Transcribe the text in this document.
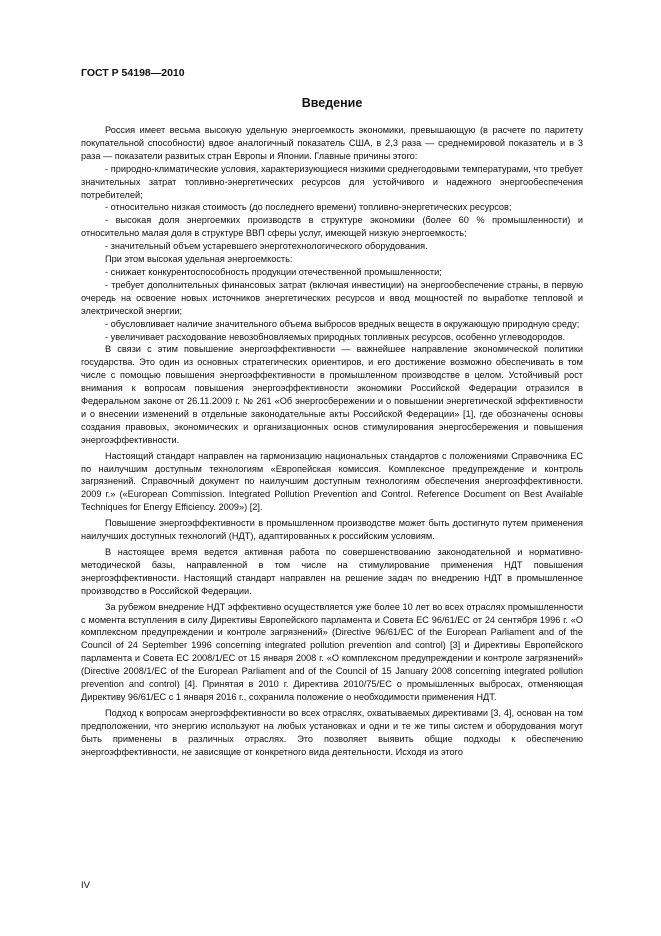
ГОСТ Р 54198—2010
Введение

Россия имеет весьма высокую удельную энергоемкость экономики, превышающую (в расчете по паритету покупательной способности) вдвое аналогичный показатель США, в 2,3 раза — среднемировой показатель и в 3 раза — показатели развитых стран Европы и Японии. Главные причины этого:

- природно-климатические условия, характеризующиеся низкими среднегодовыми температурами, что требует значительных затрат топливно-энергетических ресурсов для устойчивого и надежного энергообеспечения потребителей;

- относительно низкая стоимость (до последнего времени) топливно-энергетических ресурсов;

- высокая доля энергоемких производств в структуре экономики (более 60 % промышленности) и относительно малая доля в структуре ВВП сферы услуг, имеющей низкую энергоемкость;

- значительный объем устаревшего энерготехнологического оборудования.

При этом высокая удельная энергоемкость:

- снижает конкурентоспособность продукции отечественной промышленности;

- требует дополнительных финансовых затрат (включая инвестиции) на энергообеспечение страны, в первую очередь на освоение новых источников энергетических ресурсов и ввод мощностей по выработке тепловой и электрической энергии;

- обусловливает наличие значительного объема выбросов вредных веществ в окружающую природную среду;

- увеличивает расходование невозобновляемых природных топливных ресурсов, особенно углеводородов.

В связи с этим повышение энергоэффективности — важнейшее направление экономической политики государства. Это один из основных стратегических ориентиров, и его достижение возможно обеспечивать в том числе с помощью повышения энергоэффективности в промышленном производстве в целом. Устойчивый рост внимания к вопросам повышения энергоэффективности экономики Российской Федерации отразился в Федеральном законе от 26.11.2009 г. № 261 «Об энергосбережении и о повышении энергетической эффективности и о внесении изменений в отдельные законодательные акты Российской Федерации» [1], где обозначены основы создания правовых, экономических и организационных основ стимулирования энергосбережения и повышения энергоэффективности.

Настоящий стандарт направлен на гармонизацию национальных стандартов с положениями Справочника ЕС по наилучшим доступным технологиям «Европейская комиссия. Комплексное предупреждение и контроль загрязнений. Справочный документ по наилучшим доступным технологиям обеспечения энергоэффективности. 2009 г.» («European Commission. Integrated Pollution Prevention and Control. Reference Document on Best Available Techniques for Energy Efficiency. 2009») [2].

Повышение энергоэффективности в промышленном производстве может быть достигнуто путем применения наилучших доступных технологий (НДТ), адаптированных к российским условиям.

В настоящее время ведется активная работа по совершенствованию законодательной и нормативно-методической базы, направленной в том числе на стимулирование применения НДТ повышения энергоэффективности. Настоящий стандарт направлен на решение задач по внедрению НДТ в промышленное производство в Российской Федерации.

За рубежом внедрение НДТ эффективно осуществляется уже более 10 лет во всех отраслях промышленности с момента вступления в силу Директивы Европейского парламента и Совета ЕС 96/61/ЕС от 24 сентября 1996 г. «О комплексном предупреждении и контроле загрязнений» (Directive 96/61/EC of the European Parliament and of the Council of 24 September 1996 concerning integrated pollution prevention and control) [3] и Директивы Европейского парламента и Совета ЕС 2008/1/ЕС от 15 января 2008 г. «О комплексном предупреждении и контроле загрязнений» (Directive 2008/1/EC of the European Parliament and of the Council of 15 January 2008 concerning integrated pollution prevention and control) [4]. Принятая в 2010 г. Директива 2010/75/ЕС о промышленных выбросах, отменяющая Директиву 96/61/ЕС с 1 января 2016 г., сохранила положение о необходимости применения НДТ.

Подход к вопросам энергоэффективности во всех отраслях, охватываемых директивами [3, 4], основан на том предположении, что энергию используют на любых установках и одни и те же типы систем и оборудования могут быть применены в различных отраслях. Это позволяет выявить общие подходы к обеспечению энергоэффективности, не зависящие от конкретного вида деятельности. Исходя из этого

IV
